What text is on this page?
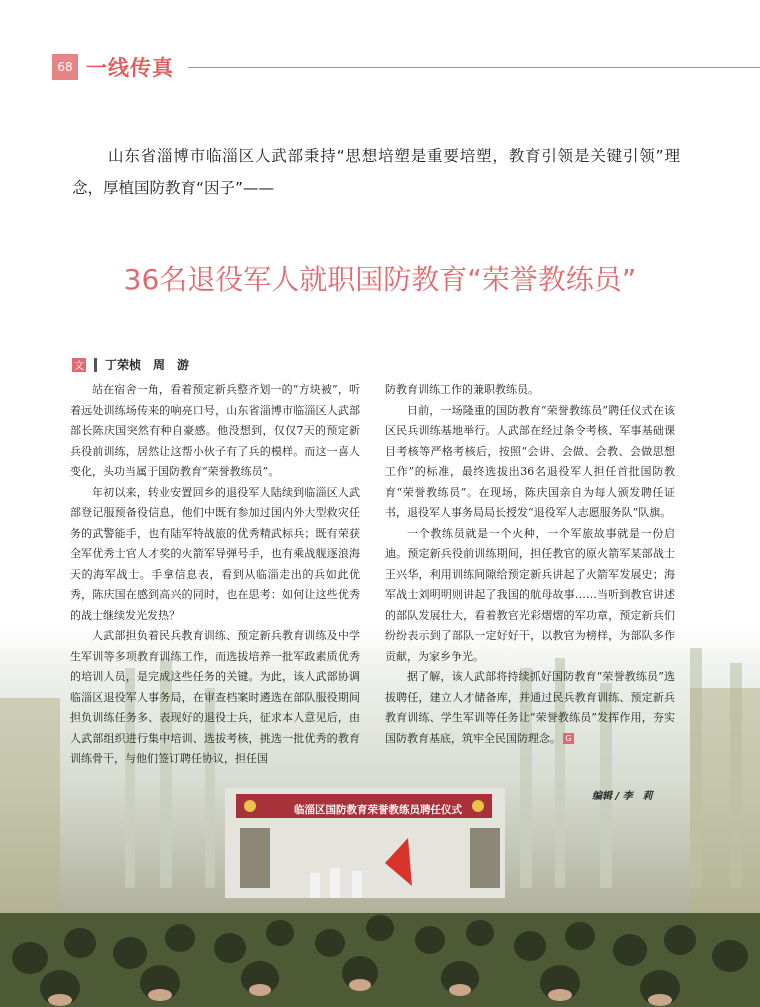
68 一线传真

山东省淄博市临淄区人武部秉持“思想培塑是重要培塑，教育引领是关键引领”理念，厚植国防教育“因子”——

36名退役军人就职国防教育“荣誉教练员”
文 丁荣桢　周　游
临淄区国防教育荣誉教练员聘任仪式

站在宿舍一角，看着预定新兵整齐划一的“方块被”，听着远处训练场传来的响亮口号，山东省淄博市临淄区人武部部长陈庆国突然有种自豪感。他没想到，仅仅7天的预定新兵役前训练，居然让这帮小伙子有了兵的模样。而这一喜人变化，头功当属于国防教育“荣誉教练员”。

年初以来，转业安置回乡的退役军人陆续到临淄区人武部登记服预备役信息，他们中既有参加过国内外大型救灾任务的武警能手，也有陆军特战旅的优秀精武标兵；既有荣获全军优秀士官人才奖的火箭军导弹号手，也有乘战舰逐浪海天的海军战士。手拿信息表，看到从临淄走出的兵如此优秀，陈庆国在感到高兴的同时，也在思考：如何让这些优秀的战士继续发光发热？

人武部担负着民兵教育训练、预定新兵教育训练及中学生军训等多项教育训练工作，而选拔培养一批军政素质优秀的培训人员，是完成这些任务的关键。为此，该人武部协调临淄区退役军人事务局，在审查档案时遴选在部队服役期间担负训练任务多、表现好的退役士兵，征求本人意见后，由人武部组织进行集中培训、选拔考核，挑选一批优秀的教育训练骨干，与他们签订聘任协议，担任国

防教育训练工作的兼职教练员。

日前，一场隆重的国防教育“荣誉教练员”聘任仪式在该区民兵训练基地举行。人武部在经过条令考核、军事基础课目考核等严格考核后，按照“会讲、会做、会教、会做思想工作”的标准，最终选拔出36名退役军人担任首批国防教育“荣誉教练员”。在现场，陈庆国亲自为每人颁发聘任证书，退役军人事务局局长授发“退役军人志愿服务队”队旗。

一个教练员就是一个火种，一个军旅故事就是一份启迪。预定新兵役前训练期间，担任教官的原火箭军某部战士王兴华，利用训练间隙给预定新兵讲起了火箭军发展史；海军战士刘明明则讲起了我国的航母故事……当听到教官讲述的部队发展壮大，看着教官光彩熠熠的军功章，预定新兵们纷纷表示到了部队一定好好干，以教官为榜样，为部队多作贡献，为家乡争光。

据了解，该人武部将持续抓好国防教育“荣誉教练员”选拔聘任，建立人才储备库，并通过民兵教育训练、预定新兵教育训练、学生军训等任务让“荣誉教练员”发挥作用，夯实国防教育基底，筑牢全民国防理念。 G

编辑 / 李　莉
